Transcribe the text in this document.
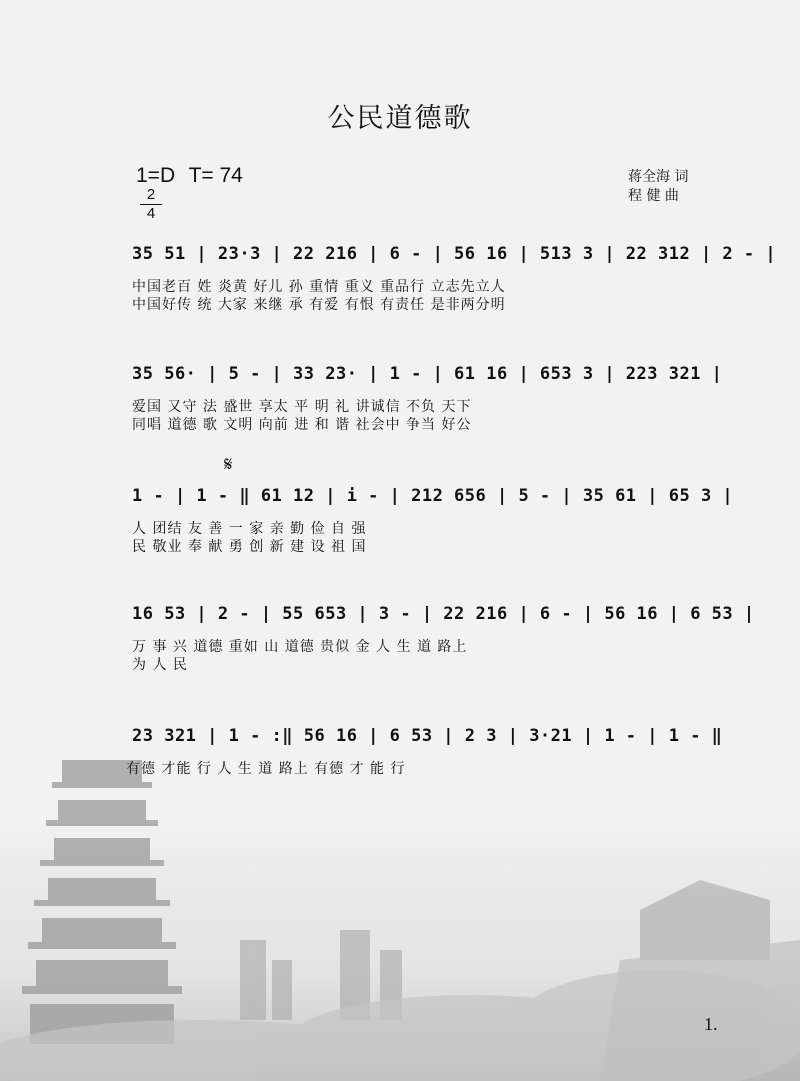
公民道德歌
1=D T= 74
$\frac{2}{4}$
蒋全海 词
程 健 曲
35 51 | 23·3 | 22 216 | 6 - | 56 16 | 513 3 | 22 312 | 2 - |
中国老百 姓 炎黄 好儿 孙 重情 重义 重品行 立志先立人
中国好传 统 大家 来继 承 有爱 有恨 有责任 是非两分明
35 56· | 5 - | 33 23· | 1 - | 61 16 | 653 3 | 223 321 |
爱国 又守 法 盛世 享太 平 明 礼 讲诚信 不负 天下
同唱 道德 歌 文明 向前 进 和 谐 社会中 争当 好公
𝄋
1 - | 1 - ‖ 61 12 | i - | 212 656 | 5 - | 35 61 | 65 3 |
人 团结 友 善 一 家 亲 勤 俭 自 强
民 敬业 奉 献 勇 创 新 建 设 祖 国
16 53 | 2 - | 55 653 | 3 - | 22 216 | 6 - | 56 16 | 6 53 |
万 事 兴 道德 重如 山 道德 贵似 金 人 生 道 路上
为 人 民
23 321 | 1 - :‖ 56 16 | 6 53 | 2 3 | 3·21 | 1 - | 1 - ‖
有德 才能 行 人 生 道 路上 有德 才 能 行
1.
